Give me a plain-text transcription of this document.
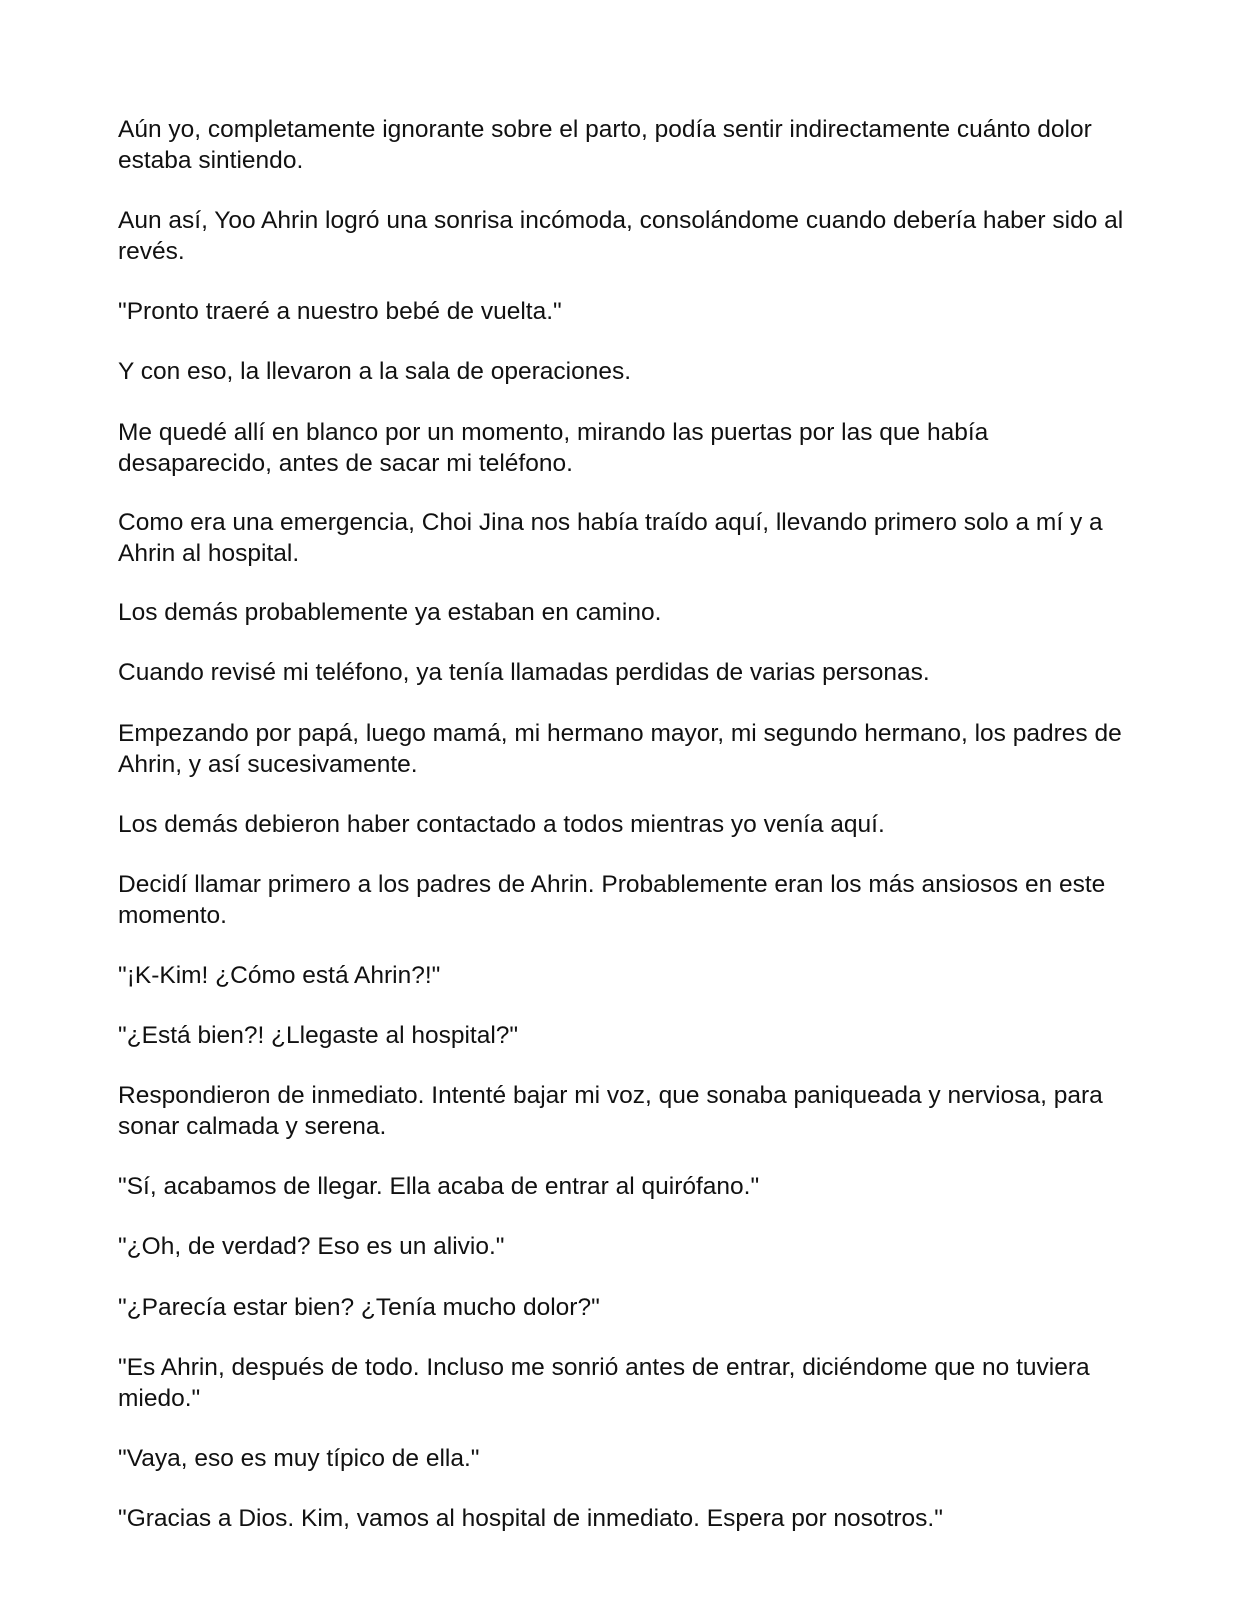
Aún yo, completamente ignorante sobre el parto, podía sentir indirectamente cuánto dolor estaba sintiendo.

Aun así, Yoo Ahrin logró una sonrisa incómoda, consolándome cuando debería haber sido al revés.

"Pronto traeré a nuestro bebé de vuelta."

Y con eso, la llevaron a la sala de operaciones.

Me quedé allí en blanco por un momento, mirando las puertas por las que había desaparecido, antes de sacar mi teléfono.

Como era una emergencia, Choi Jina nos había traído aquí, llevando primero solo a mí y a Ahrin al hospital.

Los demás probablemente ya estaban en camino.

Cuando revisé mi teléfono, ya tenía llamadas perdidas de varias personas.

Empezando por papá, luego mamá, mi hermano mayor, mi segundo hermano, los padres de Ahrin, y así sucesivamente.

Los demás debieron haber contactado a todos mientras yo venía aquí.

Decidí llamar primero a los padres de Ahrin. Probablemente eran los más ansiosos en este momento.

"¡K-Kim! ¿Cómo está Ahrin?!"

"¿Está bien?! ¿Llegaste al hospital?"

Respondieron de inmediato. Intenté bajar mi voz, que sonaba paniqueada y nerviosa, para sonar calmada y serena.

"Sí, acabamos de llegar. Ella acaba de entrar al quirófano."

"¿Oh, de verdad? Eso es un alivio."

"¿Parecía estar bien? ¿Tenía mucho dolor?"

"Es Ahrin, después de todo. Incluso me sonrió antes de entrar, diciéndome que no tuviera miedo."

"Vaya, eso es muy típico de ella."

"Gracias a Dios. Kim, vamos al hospital de inmediato. Espera por nosotros."
